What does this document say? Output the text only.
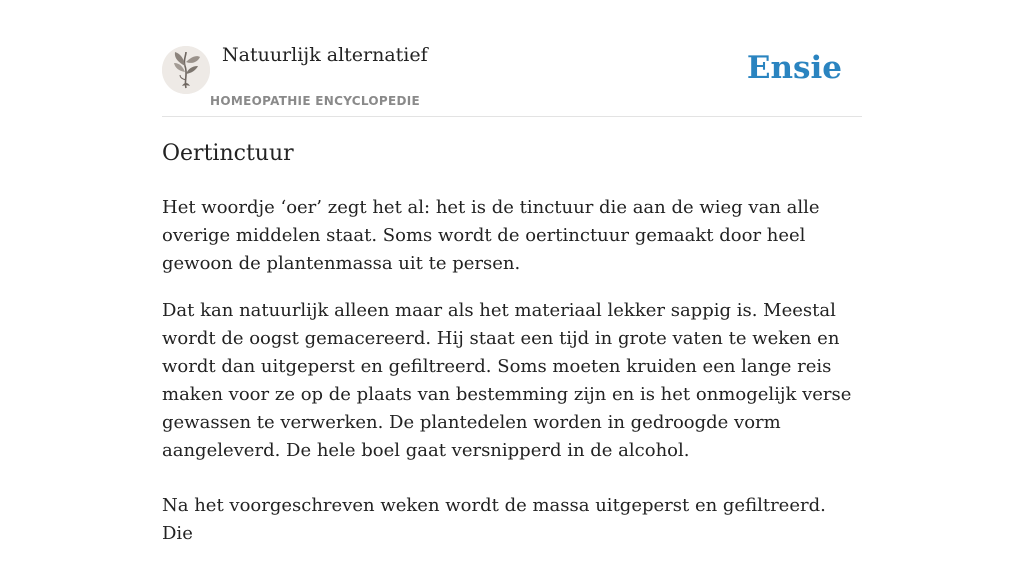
Natuurlijk alternatief
HOMEOPATHIE ENCYCLOPEDIE
Ensie
Oertinctuur

Het woordje ‘oer’ zegt het al: het is de tinctuur die aan de wieg van alle overige middelen staat. Soms wordt de oertinctuur gemaakt door heel gewoon de plantenmassa uit te persen.

Dat kan natuurlijk alleen maar als het materiaal lekker sappig is. Meestal wordt de oogst gemacereerd. Hij staat een tijd in grote vaten te weken en wordt dan uitgeperst en gefiltreerd. Soms moeten kruiden een lange reis maken voor ze op de plaats van bestemming zijn en is het onmogelijk verse gewassen te verwerken. De plantedelen worden in gedroogde vorm aangeleverd. De hele boel gaat versnipperd in de alcohol.

Na het voorgeschreven weken wordt de massa uitgeperst en gefiltreerd. Die
